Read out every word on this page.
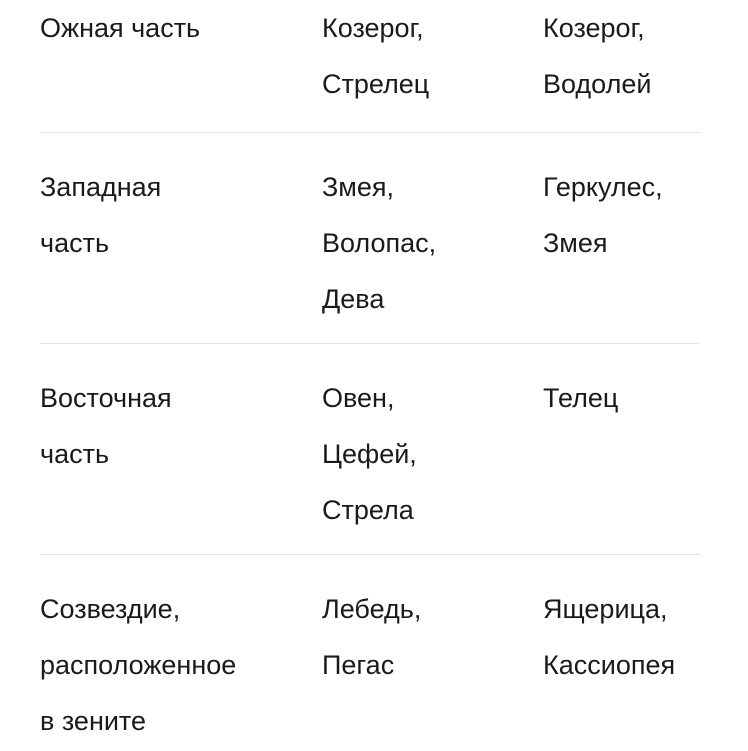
Ожная часть	Козерог,
Стрелец
Козерог,
Водолей
Западная
часть
Змея,
Волопас,
Дева
Геркулес,
Змея
Восточная
часть
Овен,
Цефей,
Стрела
Телец
Созвездие,
расположенное
в зените
Лебедь,
Пегас
Ящерица,
Кассиопея
